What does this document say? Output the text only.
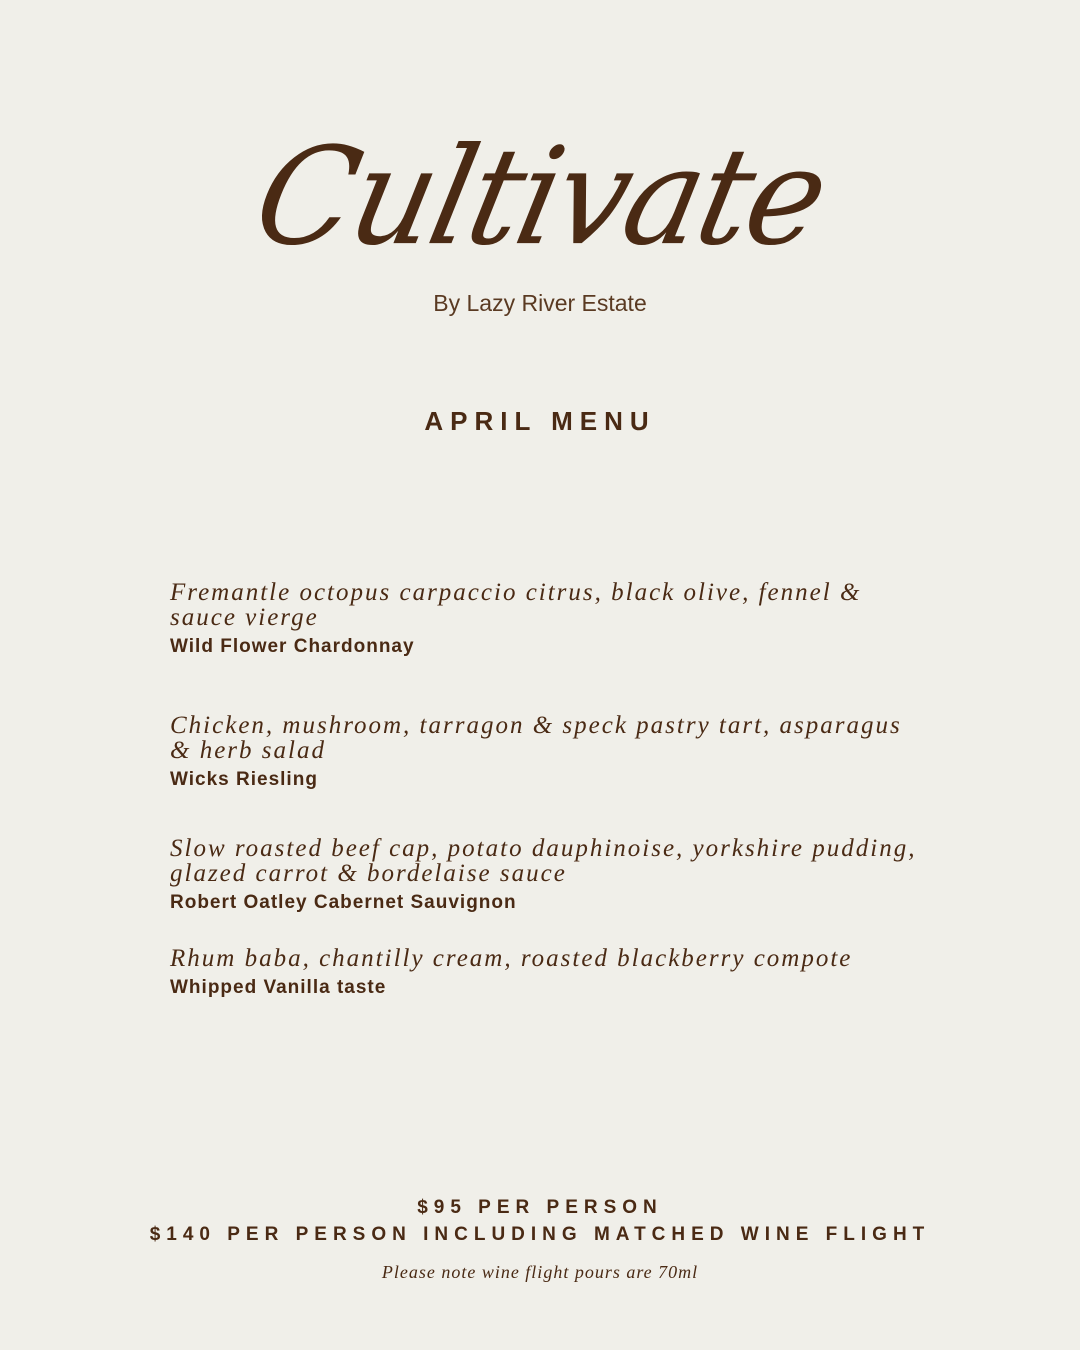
Cultivate
By Lazy River Estate
APRIL MENU
Fremantle octopus carpaccio citrus, black olive, fennel & sauce vierge
Wild Flower Chardonnay
Chicken, mushroom, tarragon & speck pastry tart, asparagus & herb salad
Wicks Riesling
Slow roasted beef cap, potato dauphinoise, yorkshire pudding, glazed carrot & bordelaise sauce
Robert Oatley Cabernet Sauvignon
Rhum baba, chantilly cream, roasted blackberry compote
Whipped Vanilla taste
$95 PER PERSON
$140 PER PERSON INCLUDING MATCHED WINE FLIGHT
Please note wine flight pours are 70ml
